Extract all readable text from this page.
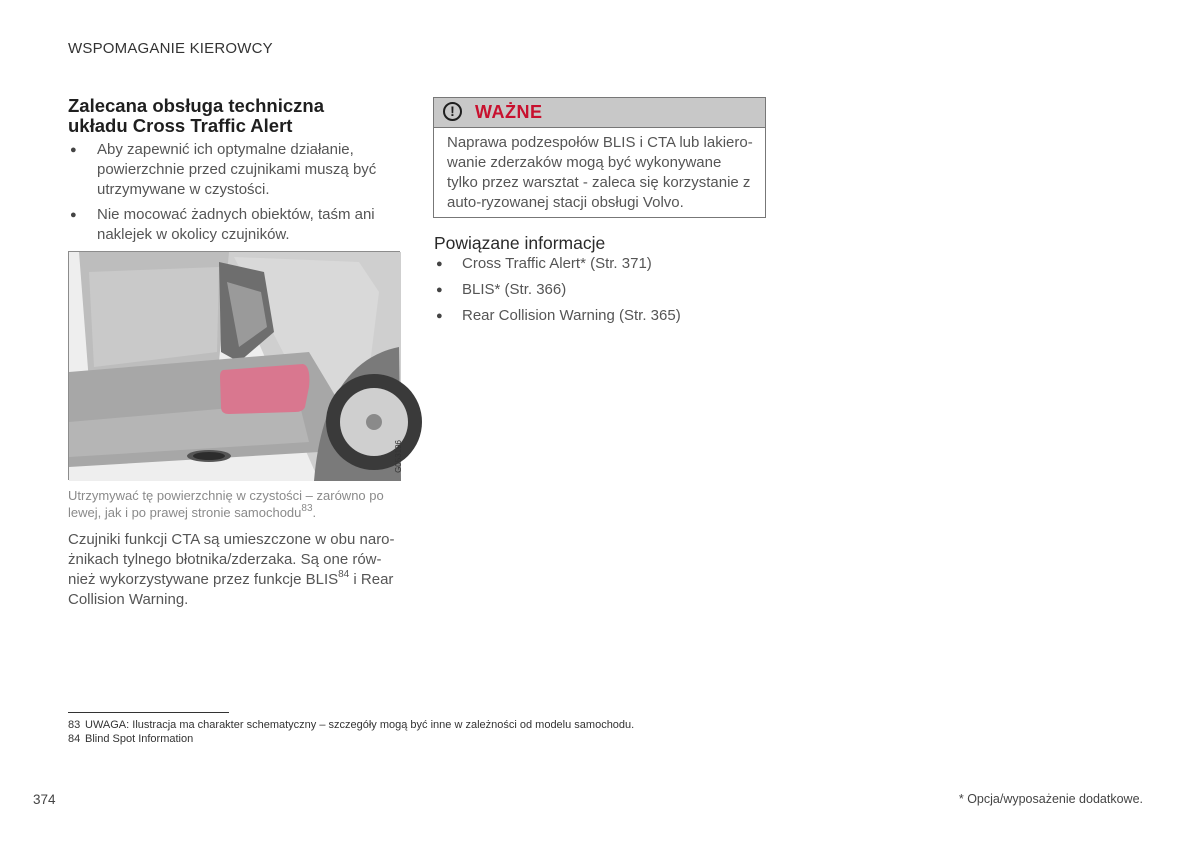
WSPOMAGANIE KIEROWCY
Zalecana obsługa techniczna
układu Cross Traffic Alert
● Aby zapewnić ich optymalne działanie, powierzchnie przed czujnikami muszą być utrzymywane w czystości.
● Nie mocować żadnych obiektów, taśm ani naklejek w okolicy czujników.
G053196
Utrzymywać tę powierzchnię w czystości – zarówno po lewej, jak i po prawej stronie samochodu$^{83}$.
Czujniki funkcji CTA są umieszczone w obu naro-żnikach tylnego błotnika/zderzaka. Są one rów-nież wykorzystywane przez funkcje BLIS$^{84}$ i Rear Collision Warning.
!	WAŻNE
Naprawa podzespołów BLIS i CTA lub lakiero-wanie zderzaków mogą być wykonywane tylko przez warsztat - zaleca się korzystanie z auto-ryzowanej stacji obsługi Volvo.
Powiązane informacje
● Cross Traffic Alert* (Str. 371)
● BLIS* (Str. 366)
● Rear Collision Warning (Str. 365)
83 UWAGA: Ilustracja ma charakter schematyczny – szczegóły mogą być inne w zależności od modelu samochodu.
84 Blind Spot Information
374	* Opcja/wyposażenie dodatkowe.
